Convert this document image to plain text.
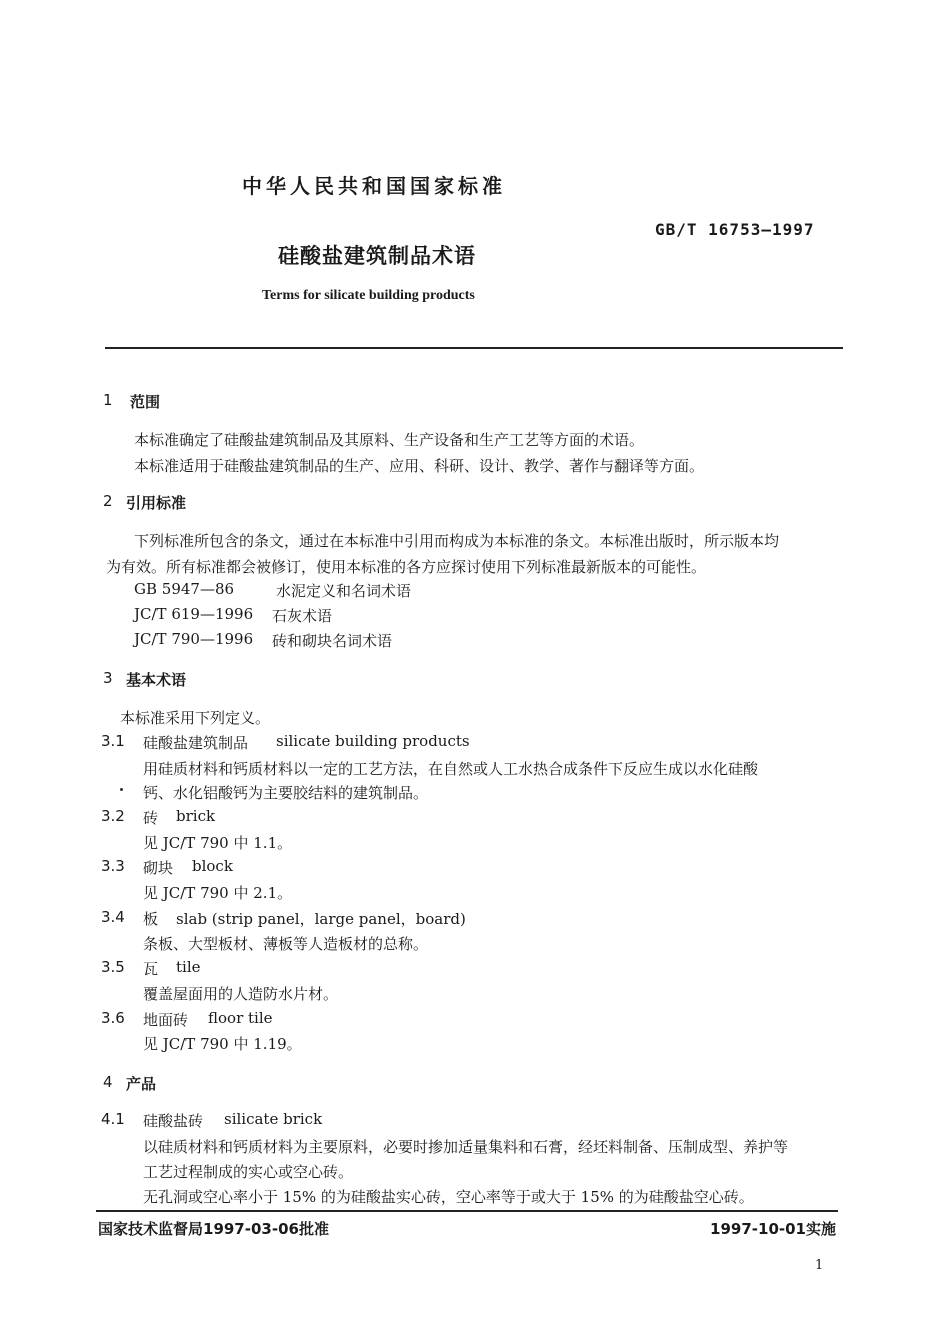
中华人民共和国国家标准
GB/T 16753—1997
硅酸盐建筑制品术语
Terms for silicate building products
1 范围
本标准确定了硅酸盐建筑制品及其原料、生产设备和生产工艺等方面的术语。
本标准适用于硅酸盐建筑制品的生产、应用、科研、设计、教学、著作与翻译等方面。
2 引用标准
下列标准所包含的条文，通过在本标准中引用而构成为本标准的条文。本标准出版时，所示版本均
为有效。所有标准都会被修订，使用本标准的各方应探讨使用下列标准最新版本的可能性。
GB 5947—86	水泥定义和名词术语
JC/T 619—1996 石灰术语
JC/T 790—1996 砖和砌块名词术语
3 基本术语
本标准采用下列定义。
3.1 硅酸盐建筑制品 silicate building products
用硅质材料和钙质材料以一定的工艺方法，在自然或人工水热合成条件下反应生成以水化硅酸
钙、水化铝酸钙为主要胶结料的建筑制品。
3.2 砖 brick
见 JC/T 790 中 1.1。
3.3 砌块 block
见 JC/T 790 中 2.1。
3.4 板 slab (strip panel，large panel，board)
条板、大型板材、薄板等人造板材的总称。
3.5 瓦 tile
覆盖屋面用的人造防水片材。
3.6 地面砖 floor tile
见 JC/T 790 中 1.19。
4 产品
4.1 硅酸盐砖 silicate brick
以硅质材料和钙质材料为主要原料，必要时掺加适量集料和石膏，经坯料制备、压制成型、养护等
工艺过程制成的实心或空心砖。
无孔洞或空心率小于 15% 的为硅酸盐实心砖，空心率等于或大于 15% 的为硅酸盐空心砖。
国家技术监督局1997-03-06批准	1997-10-01实施
1
